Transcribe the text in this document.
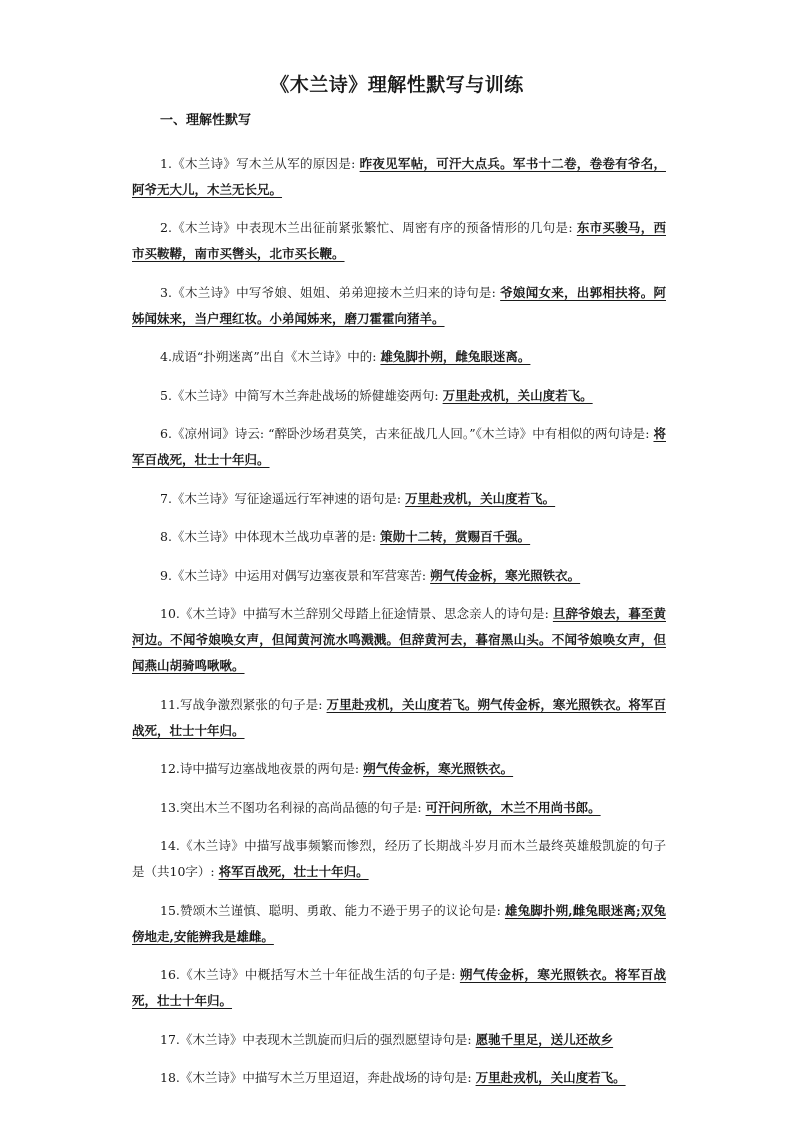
《木兰诗》理解性默写与训练
一、理解性默写

1.《木兰诗》写木兰从军的原因是: 昨夜见军帖，可汗大点兵。军书十二卷，卷卷有爷名，阿爷无大儿，木兰无长兄。

2.《木兰诗》中表现木兰出征前紧张繁忙、周密有序的预备情形的几句是: 东市买骏马，西市买鞍鞯，南市买辔头，北市买长鞭。

3.《木兰诗》中写爷娘、姐姐、弟弟迎接木兰归来的诗句是: 爷娘闻女来，出郭相扶将。阿姊闻妹来，当户理红妆。小弟闻姊来，磨刀霍霍向猪羊。

4.成语“扑朔迷离”出自《木兰诗》中的: 雄兔脚扑朔，雌兔眼迷离。

5.《木兰诗》中简写木兰奔赴战场的矫健雄姿两句: 万里赴戎机，关山度若飞。

6.《凉州词》诗云: “醉卧沙场君莫笑，古来征战几人回。”《木兰诗》中有相似的两句诗是: 将军百战死，壮士十年归。

7.《木兰诗》写征途遥远行军神速的语句是: 万里赴戎机，关山度若飞。

8.《木兰诗》中体现木兰战功卓著的是: 策勋十二转，赏赐百千强。

9.《木兰诗》中运用对偶写边塞夜景和军营寒苦: 朔气传金柝，寒光照铁衣。

10.《木兰诗》中描写木兰辞别父母踏上征途情景、思念亲人的诗句是: 旦辞爷娘去，暮至黄河边。不闻爷娘唤女声，但闻黄河流水鸣溅溅。但辞黄河去，暮宿黑山头。不闻爷娘唤女声，但闻燕山胡骑鸣啾啾。

11.写战争激烈紧张的句子是: 万里赴戎机，关山度若飞。朔气传金柝，寒光照铁衣。将军百战死，壮士十年归。

12.诗中描写边塞战地夜景的两句是: 朔气传金柝，寒光照铁衣。

13.突出木兰不图功名利禄的高尚品德的句子是: 可汗问所欲，木兰不用尚书郎。

14.《木兰诗》中描写战事频繁而惨烈，经历了长期战斗岁月而木兰最终英雄般凯旋的句子是（共10字）: 将军百战死，壮士十年归。

15.赞颂木兰谨慎、聪明、勇敢、能力不逊于男子的议论句是: 雄兔脚扑朔,雌兔眼迷离;双兔傍地走,安能辨我是雄雌。

16.《木兰诗》中概括写木兰十年征战生活的句子是: 朔气传金柝，寒光照铁衣。将军百战死，壮士十年归。

17.《木兰诗》中表现木兰凯旋而归后的强烈愿望诗句是: 愿驰千里足，送儿还故乡

18.《木兰诗》中描写木兰万里迢迢，奔赴战场的诗句是: 万里赴戎机，关山度若飞。
